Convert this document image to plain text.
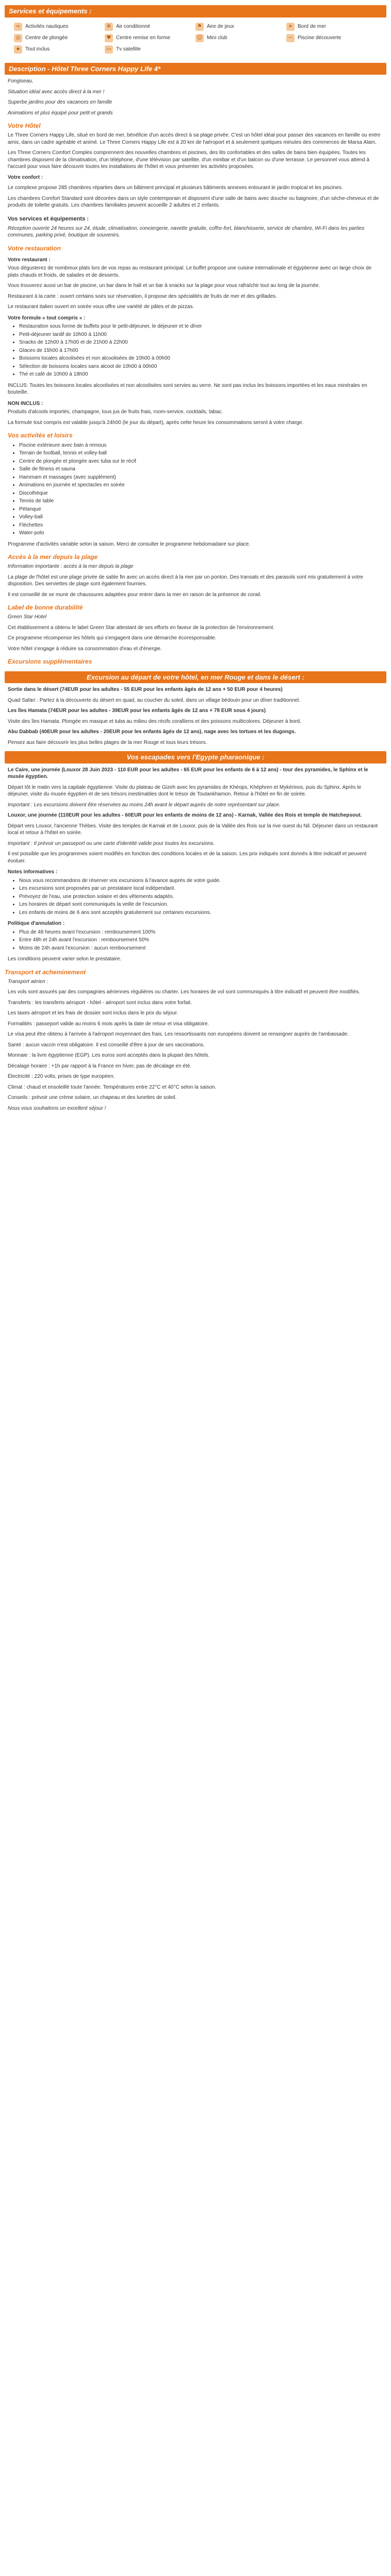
Services et équipements :
≈ Activités nautiques	❄ Air conditionné	⚑ Aire de jeux	☀ Bord de mer
◎ Centre de plongée	♥ Centre remise en forme	☺ Mini club	~ Piscine découverte
★ Tout inclus	▭ Tv satellite
Description - Hôtel Three Corners Happy Life 4*

Fongiseau,

Situation idéal avec accès direct à la mer !

Superbe jardins pour des vacances en famille

Animations et plus équipé pour petit et grands

Votre Hôtel

Le Three Corners Happy Life, situé en bord de mer, bénéficie d'un accès direct à sa plage privée. C'est un hôtel idéal pour passer des vacances en famille ou entre amis, dans un cadre agréable et animé. Le Three Corners Happy Life est à 20 km de l'aéroport et à seulement quelques minutes des commerces de Marsa Alam.

Les Three Corners Comfort Complex comprennent des nouvelles chambres et piscines, des lits confortables et des salles de bains bien équipées. Toutes les chambres disposent de la climatisation, d'un téléphone, d'une télévision par satellite, d'un minibar et d'un balcon ou d'une terrasse. Le personnel vous attend à l'accueil pour vous faire découvrir toutes les installations de l'hôtel et vous présenter les activités proposées.

Votre confort :

Le complexe propose 285 chambres réparties dans un bâtiment principal et plusieurs bâtiments annexes entourant le jardin tropical et les piscines.

Les chambres Comfort Standard sont décorées dans un style contemporain et disposent d'une salle de bains avec douche ou baignoire, d'un sèche-cheveux et de produits de toilette gratuits. Les chambres familiales peuvent accueillir 2 adultes et 2 enfants.

Vos services et équipements :

Réception ouverte 24 heures sur 24, étude, climatisation, conciergerie, navette gratuite, coffre-fort, blanchisserie, service de chambre, Wi-Fi dans les parties communes, parking privé, boutique de souvenirs.

Votre restauration
Votre restaurant :

Vous dégusterez de nombreux plats lors de vos repas au restaurant principal. Le buffet propose une cuisine internationale et égyptienne avec un large choix de plats chauds et froids, de salades et de desserts.

Vous trouverez aussi un bar de piscine, un bar dans le hall et un bar à snacks sur la plage pour vous rafraîchir tout au long de la journée.

Restaurant à la carte : ouvert certains soirs sur réservation, il propose des spécialités de fruits de mer et des grillades.

Le restaurant italien ouvert en soirée vous offre une variété de pâtes et de pizzas.

Votre formule « tout compris » :
• Restauration sous forme de buffets pour le petit-déjeuner, le déjeuner et le dîner
• Petit-déjeuner tardif de 10h00 à 11h00
• Snacks de 12h00 à 17h00 et de 21h00 à 22h00
• Glaces de 15h00 à 17h00
• Boissons locales alcoolisées et non alcoolisées de 10h00 à 00h00
• Sélection de boissons locales sans alcool de 10h00 à 00h00
• Thé et café de 10h00 à 18h00

INCLUS: Toutes les boissons locales alcoolisées et non alcoolisées sont servies au verre. Ne sont pas inclus les boissons importées et les eaux minérales en bouteille.

NON INCLUS :

Produits d'alcools importés, champagne, tous jus de fruits frais, room-service, cocktails, tabac.

La formule tout compris est valable jusqu'à 24h00 (le jour du départ), après cette heure les consommations seront à votre charge.

Vos activités et loisirs
• Piscine extérieure avec bain à remous
• Terrain de football, tennis et volley-ball
• Centre de plongée et plongée avec tuba sur le récif
• Salle de fitness et sauna
• Hammam et massages (avec supplément)
• Animations en journée et spectacles en soirée
• Discothèque
• Tennis de table
• Pétanque
• Volley-ball
• Fléchettes
• Water-polo

Programme d'activités variable selon la saison. Merci de consulter le programme hebdomadaire sur place.

Accès à la mer depuis la plage

Information importante : accès à la mer depuis la plage

La plage de l'hôtel est une plage privée de sable fin avec un accès direct à la mer par un ponton. Des transats et des parasols sont mis gratuitement à votre disposition. Des serviettes de plage sont également fournies.

Il est conseillé de se munir de chaussures adaptées pour entrer dans la mer en raison de la présence de corail.

Label de bonne durabilité

Green Star Hotel

Cet établissement a obtenu le label Green Star attestant de ses efforts en faveur de la protection de l'environnement.

Ce programme récompense les hôtels qui s'engagent dans une démarche écoresponsable.

Votre hôtel s'engage à réduire sa consommation d'eau et d'énergie.

Excursions supplémentaires
Excursion au départ de votre hôtel, en mer Rouge et dans le désert :

Sortie dans le désert (74EUR pour les adultes - 55 EUR pour les enfants âgés de 12 ans + 50 EUR pour 4 heures)

Quad Safari : Partez à la découverte du désert en quad, au coucher du soleil, dans un village bédouin pour un dîner traditionnel.

Les îles Hamata (74EUR pour les adultes - 39EUR pour les enfants âgés de 12 ans + 78 EUR sous 4 jours)

Visite des îles Hamata. Plongée en masque et tuba au milieu des récifs coralliens et des poissons multicolores. Déjeuner à bord.

Abu Dabbab (40EUR pour les adultes - 20EUR pour les enfants âgés de 12 ans), nage avec les tortues et les dugongs.

Pensez aux faire découvrir les plus belles plages de la mer Rouge et tous leurs trésors.

Vos escapades vers l'Egypte pharaonique :

Le Caire, une journée (Louxor 28 Juin 2023 - 110 EUR pour les adultes - 65 EUR pour les enfants de 6 à 12 ans) - tour des pyramides, le Sphinx et le musée égyptien.

Départ tôt le matin vers la capitale égyptienne. Visite du plateau de Gizeh avec les pyramides de Khéops, Khéphren et Mykérinos, puis du Sphinx. Après le déjeuner, visite du musée égyptien et de ses trésors inestimables dont le trésor de Toutankhamon. Retour à l'hôtel en fin de soirée.

Important : Les excursions doivent être réservées au moins 24h avant le départ auprès de notre représentant sur place.

Louxor, une journée (110EUR pour les adultes - 60EUR pour les enfants de moins de 12 ans) - Karnak, Vallée des Rois et temple de Hatchepsout.

Départ vers Louxor, l'ancienne Thèbes. Visite des temples de Karnak et de Louxor, puis de la Vallée des Rois sur la rive ouest du Nil. Déjeuner dans un restaurant local et retour à l'hôtel en soirée.

Important : Il prévoir un passeport ou une carte d'identité valide pour toutes les excursions.

Il est possible que les programmes soient modifiés en fonction des conditions locales et de la saison. Les prix indiqués sont donnés à titre indicatif et peuvent évoluer.

Notes informatives :
• Nous vous recommandons de réserver vos excursions à l'avance auprès de votre guide.
• Les excursions sont proposées par un prestataire local indépendant.
• Prévoyez de l'eau, une protection solaire et des vêtements adaptés.
• Les horaires de départ sont communiqués la veille de l'excursion.
• Les enfants de moins de 6 ans sont acceptés gratuitement sur certaines excursions.
Politique d'annulation :
• Plus de 48 heures avant l'excursion : remboursement 100%
• Entre 48h et 24h avant l'excursion : remboursement 50%
• Moins de 24h avant l'excursion : aucun remboursement

Les conditions peuvent varier selon le prestataire.

Transport et acheminement

Transport aérien :

Les vols sont assurés par des compagnies aériennes régulières ou charter. Les horaires de vol sont communiqués à titre indicatif et peuvent être modifiés.

Transferts : les transferts aéroport - hôtel - aéroport sont inclus dans votre forfait.

Les taxes aéroport et les frais de dossier sont inclus dans le prix du séjour.

Formalités : passeport valide au moins 6 mois après la date de retour et visa obligatoire.

Le visa peut être obtenu à l'arrivée à l'aéroport moyennant des frais. Les ressortissants non européens doivent se renseigner auprès de l'ambassade.

Santé : aucun vaccin n'est obligatoire. Il est conseillé d'être à jour de ses vaccinations.

Monnaie : la livre égyptienne (EGP). Les euros sont acceptés dans la plupart des hôtels.

Décalage horaire : +1h par rapport à la France en hiver, pas de décalage en été.

Électricité : 220 volts, prises de type européen.

Climat : chaud et ensoleillé toute l'année. Températures entre 22°C et 40°C selon la saison.

Conseils : prévoir une crème solaire, un chapeau et des lunettes de soleil.

Nous vous souhaitons un excellent séjour !
